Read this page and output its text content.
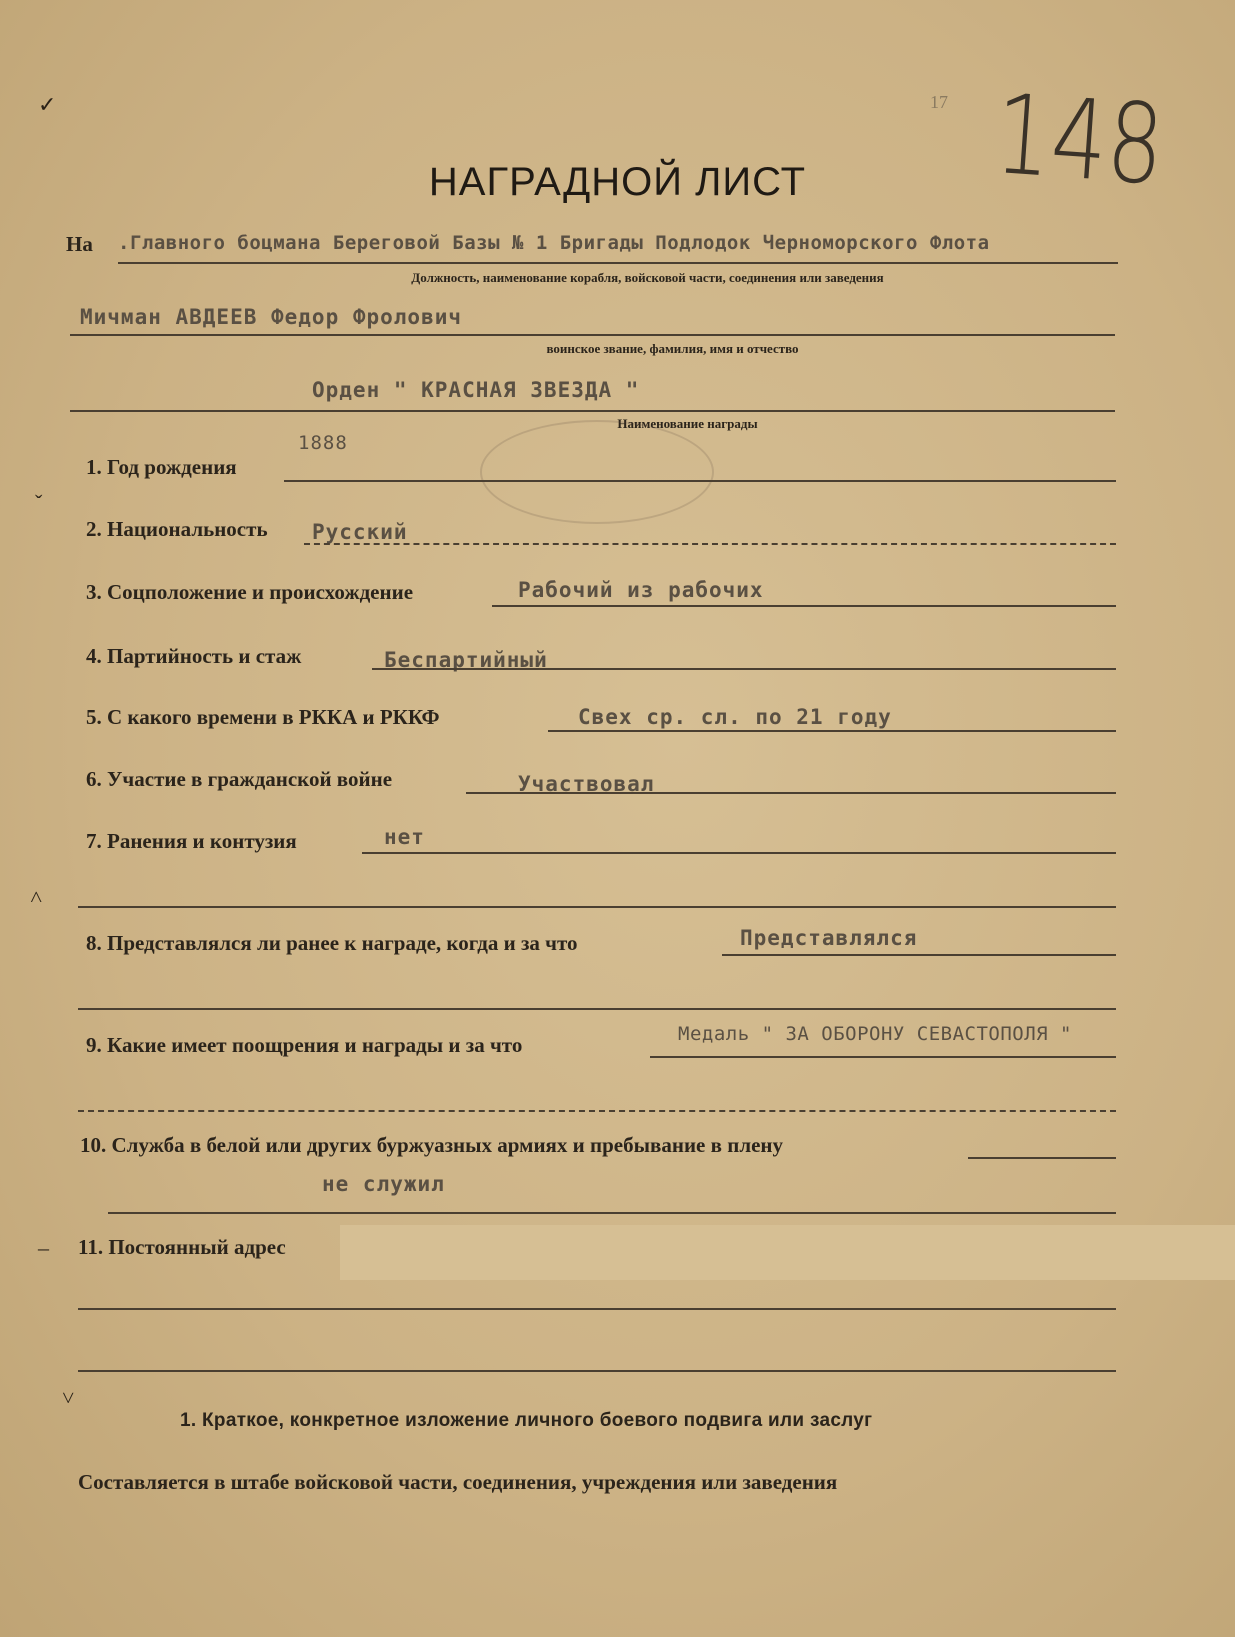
17 148
НАГРАДНОЙ ЛИСТ
На .Главного боцмана Береговой Базы № 1 Бригады Подлодок Черноморского Флота
Должность, наименование корабля, войсковой части, соединения или заведения
Мичман АВДЕЕВ Федор Фролович
воинское звание, фамилия, имя и отчество
Орден " КРАСНАЯ ЗВЕЗДА "
Наименование награды
1. Год рождения
1888
2. Национальность Русский
3. Соцположение и происхождение	Рабочий из рабочих
4. Партийность и стаж	Беспартийный
5. С какого времени в РККА и РККФ	Свех ср. сл. по 21 году
6. Участие в гражданской войне	Участвовал
7. Ранения и контузия	нет
8. Представлялся ли ранее к награде, когда и за что	Представлялся
9. Какие имеет поощрения и награды и за что	Медаль " ЗА ОБОРОНУ СЕВАСТОПОЛЯ "
10. Служба в белой или других буржуазных армиях и пребывание в плену
не служил
11. Постоянный адрес
1. Краткое, конкретное изложение личного боевого подвига или заслуг
Составляется в штабе войсковой части, соединения, учреждения или заведения
✓
ˇ
˄
˅
–
